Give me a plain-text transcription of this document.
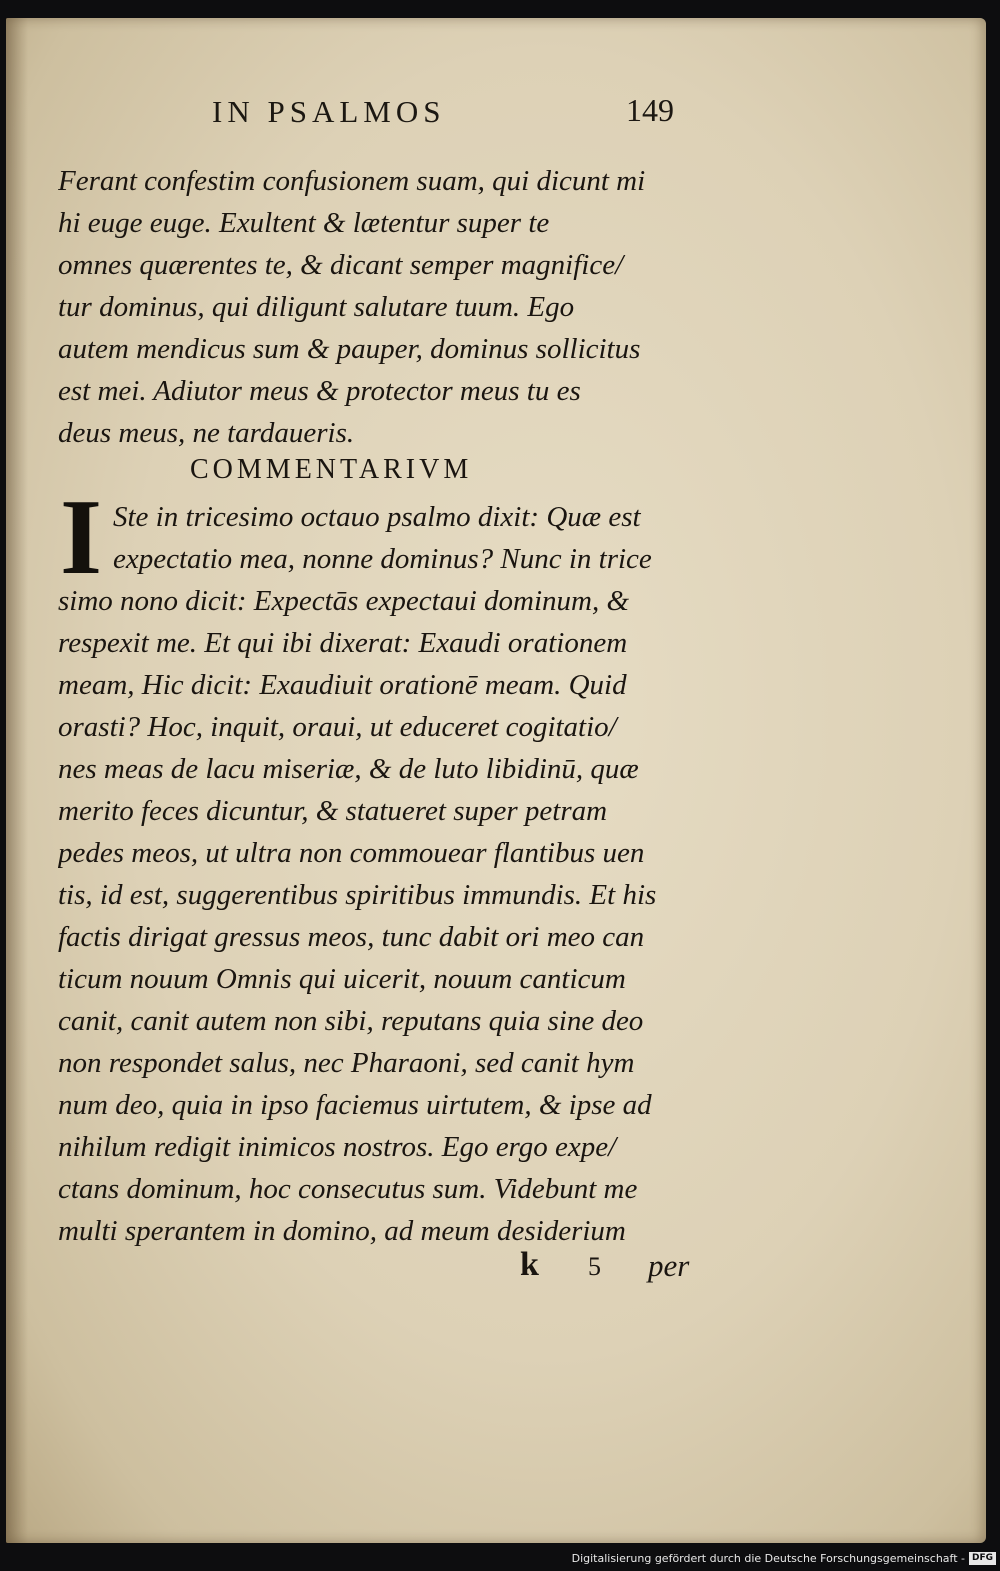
IN PSALMOS	149
Ferant confestim confusionem suam, qui dicunt mi
hi euge euge. Exultent & lætentur super te
omnes quærentes te, & dicant semper magnifice/
tur dominus, qui diligunt salutare tuum. Ego
autem mendicus sum & pauper, dominus sollicitus
est mei. Adiutor meus & protector meus tu es
deus meus, ne tardaueris.
Ste in tricesimo octauo psalmo dixit: Quæ est
expectatio mea, nonne dominus? Nunc in trice
simo nono dicit: Expectās expectaui dominum, &
respexit me. Et qui ibi dixerat: Exaudi orationem
meam, Hic dicit: Exaudiuit orationē meam. Quid
orasti? Hoc, inquit, oraui, ut educeret cogitatio/
nes meas de lacu miseriæ, & de luto libidinū, quæ
merito feces dicuntur, & statueret super petram
pedes meos, ut ultra non commouear flantibus uen
tis, id est, suggerentibus spiritibus immundis. Et his
factis dirigat gressus meos, tunc dabit ori meo can
ticum nouum Omnis qui uicerit, nouum canticum
canit, canit autem non sibi, reputans quia sine deo
non respondet salus, nec Pharaoni, sed canit hym
num deo, quia in ipso faciemus uirtutem, & ipse ad
nihilum redigit inimicos nostros. Ego ergo expe/
ctans dominum, hoc consecutus sum. Videbunt me
multi sperantem in domino, ad meum desiderium
COMMENTARIVM
I
k 5 per
Digitalisierung gefördert durch die Deutsche Forschungsgemeinschaft - DFG
